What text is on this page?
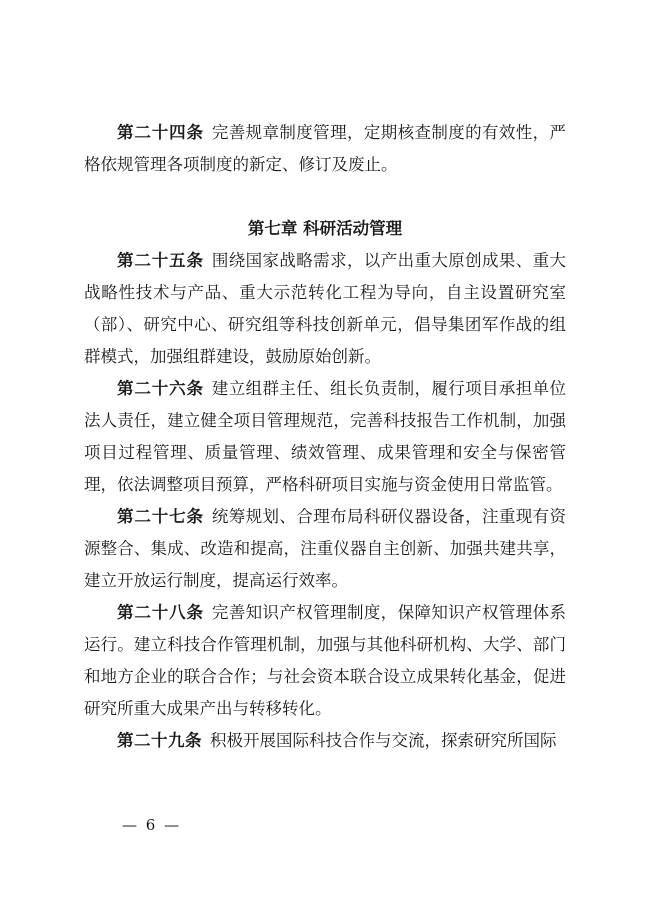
第二十四条 完善规章制度管理，定期核查制度的有效性，严格依规管理各项制度的新定、修订及废止。

第七章 科研活动管理

第二十五条 围绕国家战略需求，以产出重大原创成果、重大战略性技术与产品、重大示范转化工程为导向，自主设置研究室（部）、研究中心、研究组等科技创新单元，倡导集团军作战的组群模式，加强组群建设，鼓励原始创新。

第二十六条 建立组群主任、组长负责制，履行项目承担单位法人责任，建立健全项目管理规范，完善科技报告工作机制，加强项目过程管理、质量管理、绩效管理、成果管理和安全与保密管理，依法调整项目预算，严格科研项目实施与资金使用日常监管。

第二十七条 统筹规划、合理布局科研仪器设备，注重现有资源整合、集成、改造和提高，注重仪器自主创新、加强共建共享，建立开放运行制度，提高运行效率。

第二十八条 完善知识产权管理制度，保障知识产权管理体系运行。建立科技合作管理机制，加强与其他科研机构、大学、部门和地方企业的联合合作；与社会资本联合设立成果转化基金，促进研究所重大成果产出与转移转化。

第二十九条 积极开展国际科技合作与交流，探索研究所国际

— 6 —
